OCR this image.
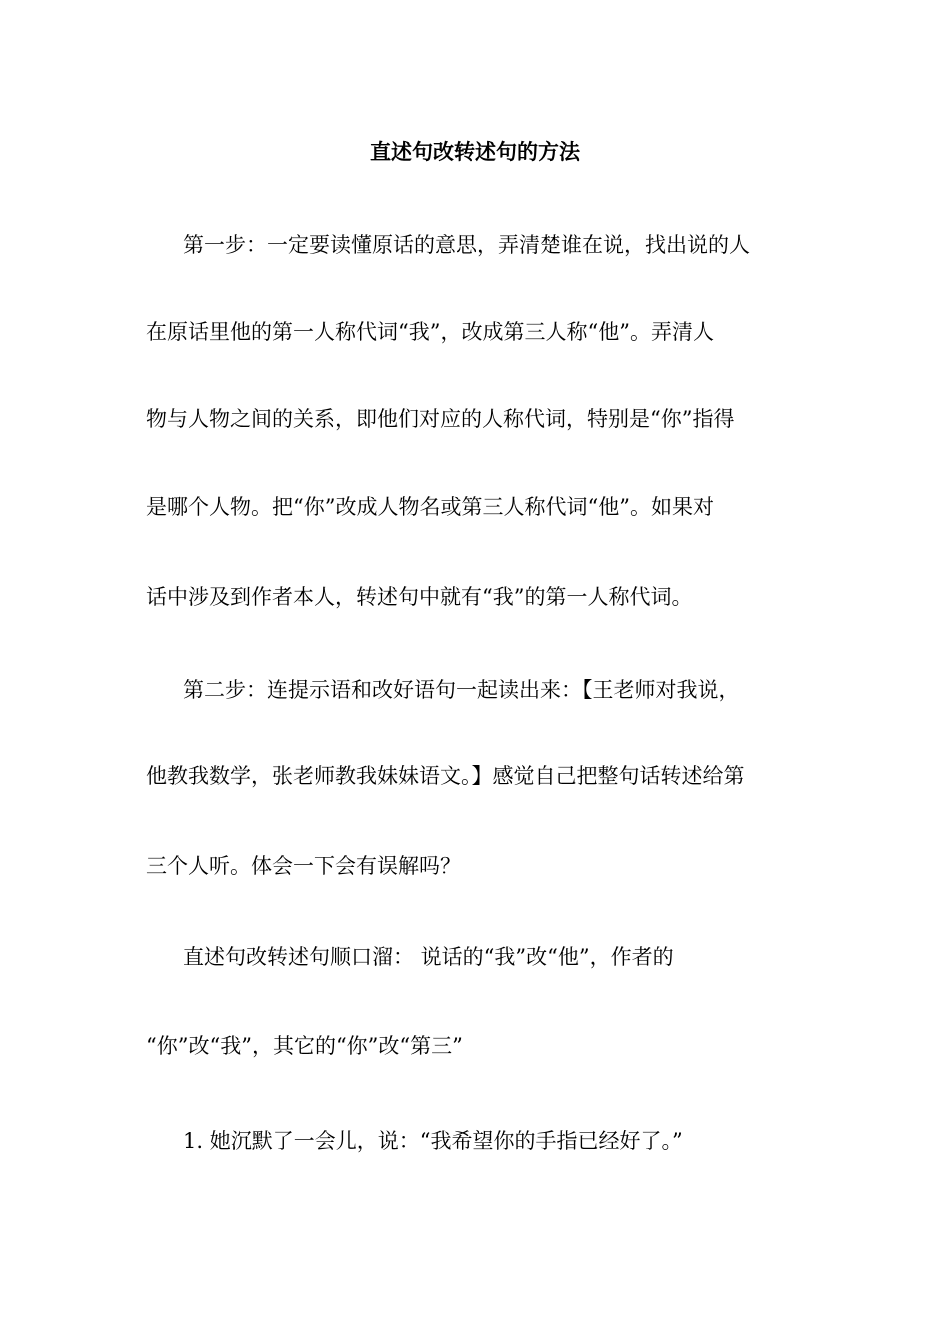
直述句改转述句的方法
第一步：一定要读懂原话的意思，弄清楚谁在说，找出说的人
在原话里他的第一人称代词“我”，改成第三人称“他”。弄清人
物与人物之间的关系，即他们对应的人称代词，特别是“你”指得
是哪个人物。把“你”改成人物名或第三人称代词“他”。如果对
话中涉及到作者本人，转述句中就有“我”的第一人称代词。
第二步：连提示语和改好语句一起读出来：【王老师对我说，
他教我数学，张老师教我妹妹语文。】感觉自己把整句话转述给第
三个人听。体会一下会有误解吗？
直述句改转述句顺口溜： 说话的“我”改“他”，作者的
“你”改“我”，其它的“你”改“第三”
1. 她沉默了一会儿，说：“我希望你的手指已经好了。”
